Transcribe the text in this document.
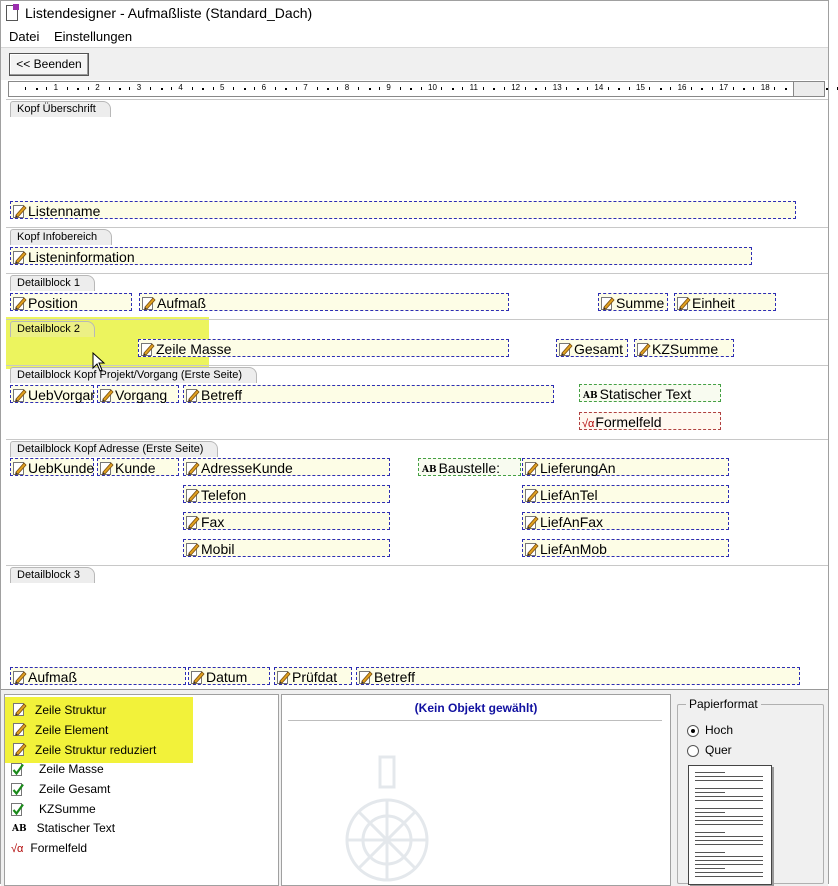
Listendesigner - Aufmaßliste (Standard_Dach)
Datei Einstellungen
<< Beenden
1	2	3	4	5	6	7	8	9	10	11	12	13	14	15	16	17	18
Kopf Überschrift
Listenname
Kopf Infobereich
Listeninformation
Detailblock 1
Position	Aufmaß	Summe	Einheit
Detailblock 2
Zeile Masse	Gesamt	KZSumme
Detailblock Kopf Projekt/Vorgang (Erste Seite)
UebVorgar	Vorgang	Betreff	AB Statischer Text
√αFormelfeld
Detailblock Kopf Adresse (Erste Seite)
UebKunde	Kunde	AdresseKunde	AB Baustelle:	LieferungAn
Telefon	LiefAnTel
Fax	LiefAnFax
Mobil	LiefAnMob
Detailblock 3
Aufmaß	Datum	Prüfdat	Betreff
Zeile Struktur
Zeile Element
Zeile Struktur reduziert
Zeile Masse
Zeile Gesamt
KZSumme
AB Statischer Text
√α Formelfeld
(Kein Objekt gewählt)	Papierformat
Hoch
Quer
